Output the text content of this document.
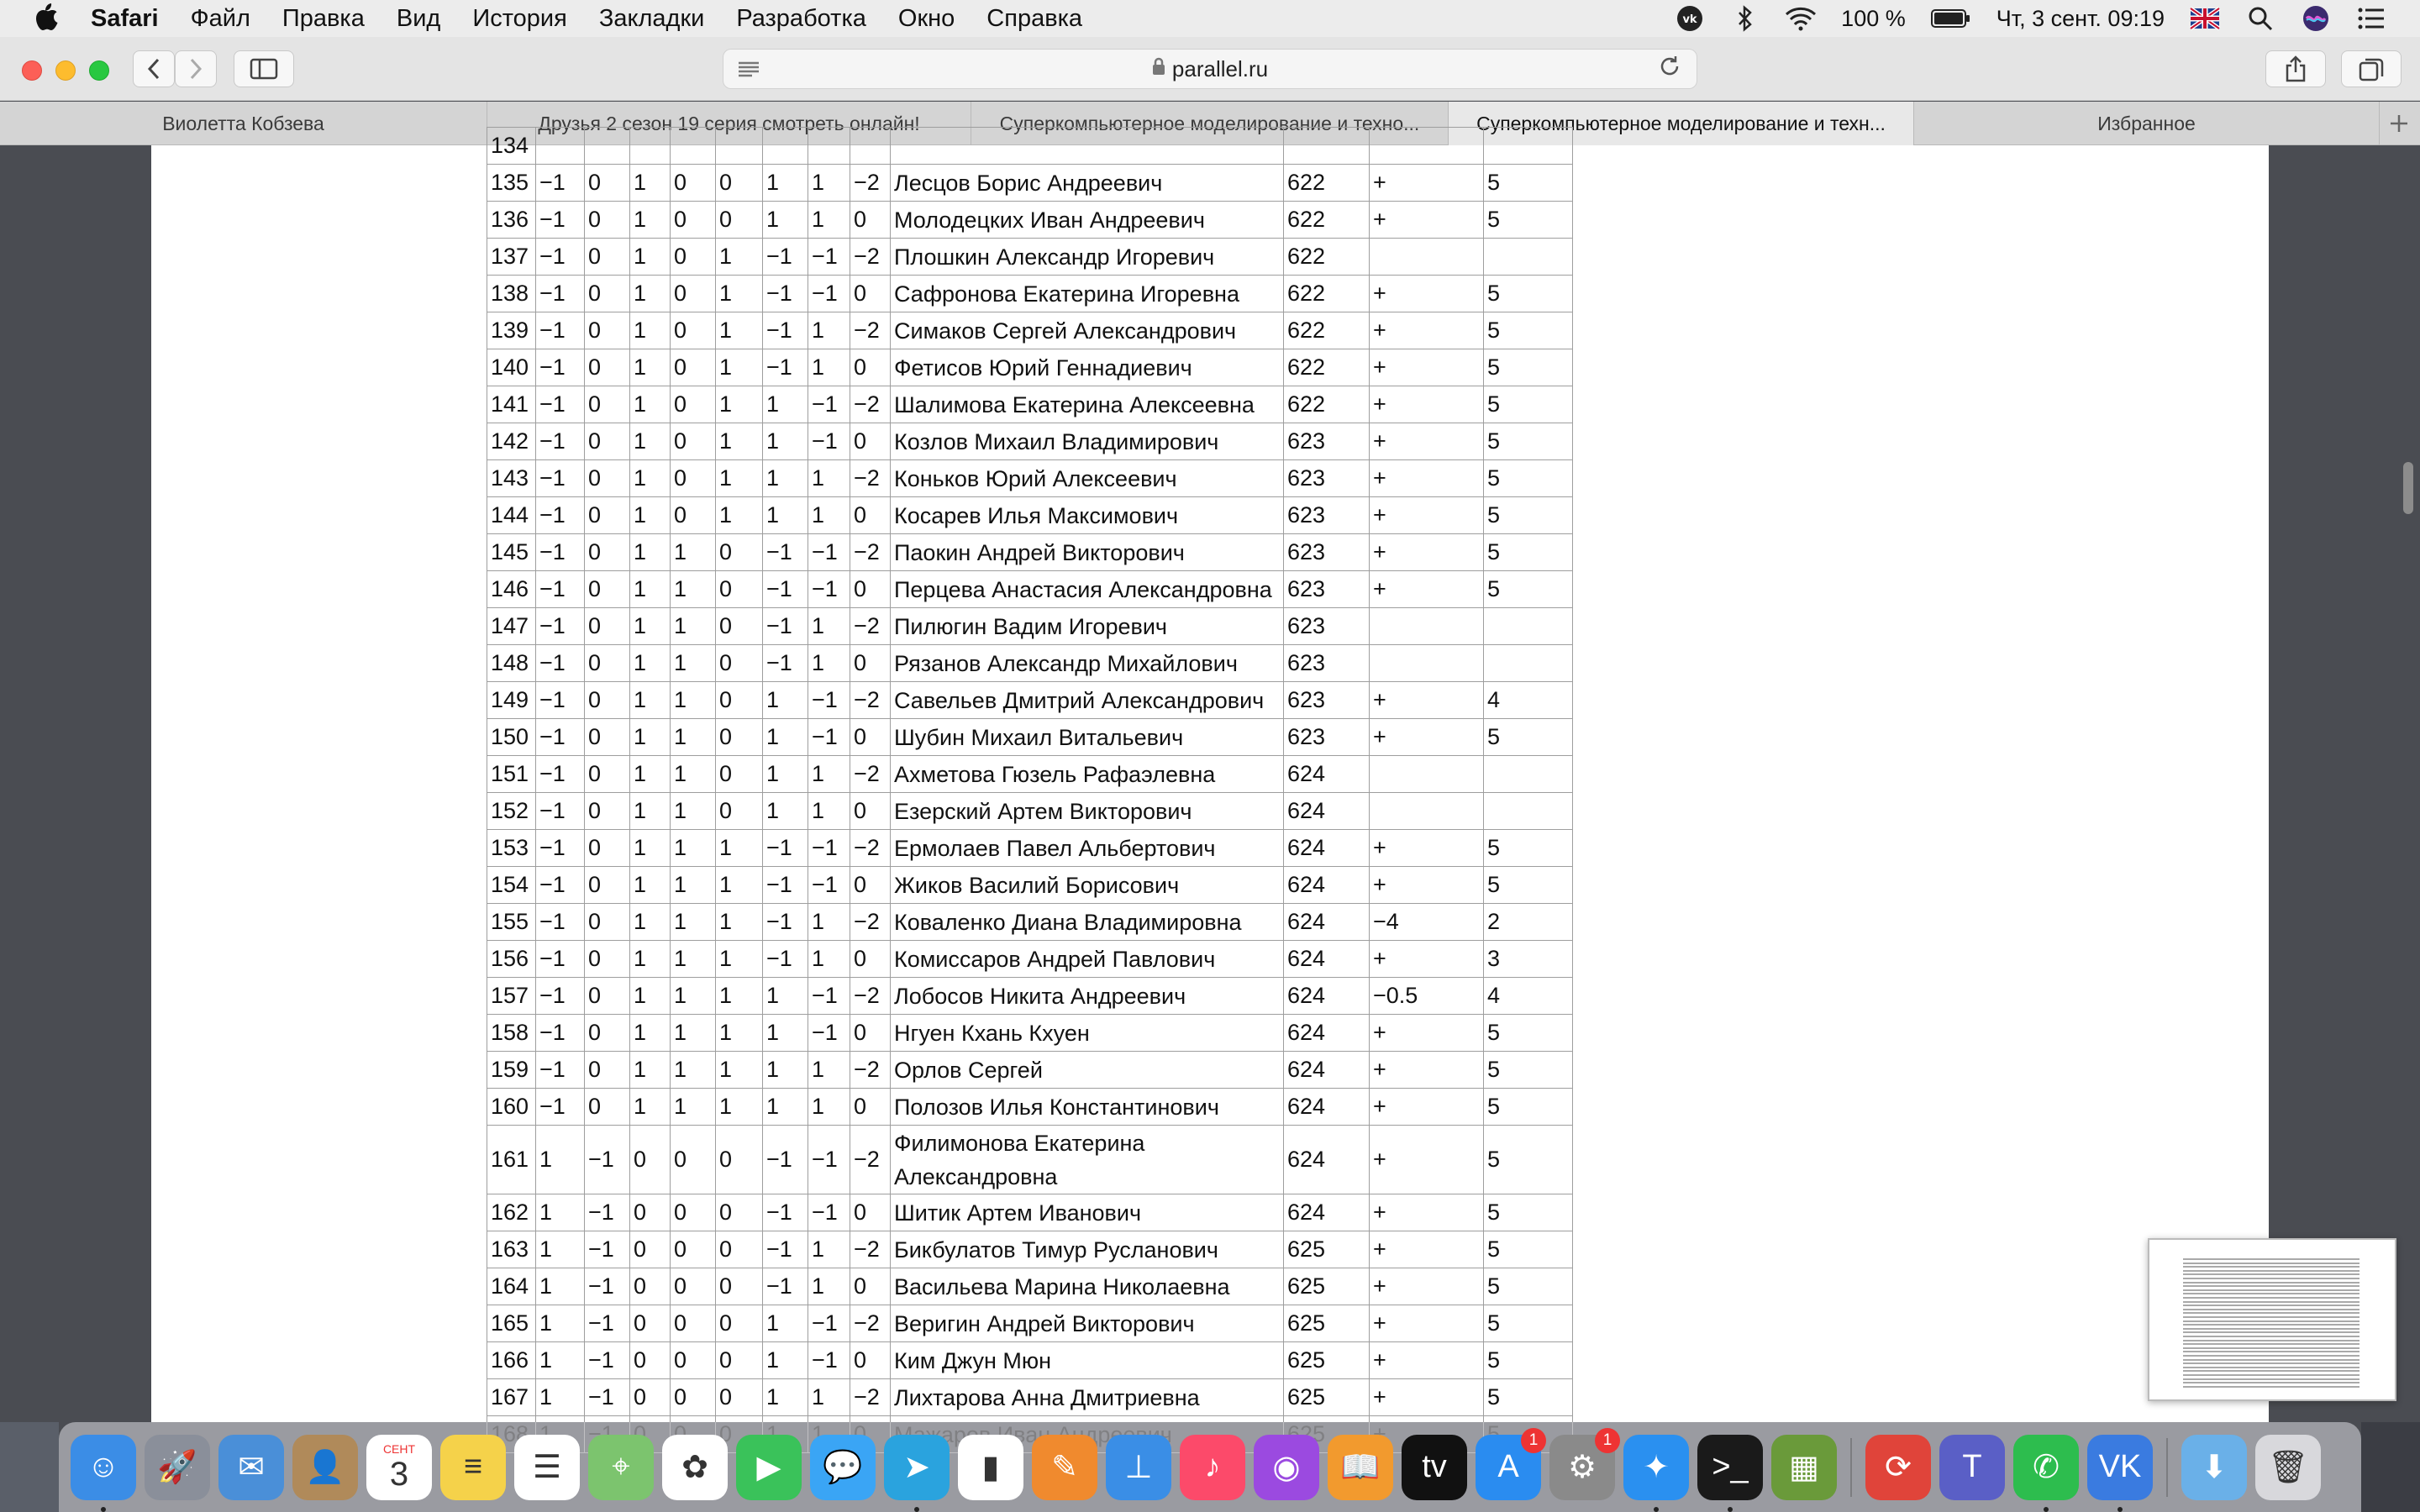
Safari Файл Правка Вид История Закладки Разработка Окно Справка	vk	100 %	Чт, 3 сент. 09:19
parallel.ru
Виолетта Кобзева	Друзья 2 сезон 19 серия смотреть онлайн!	Суперкомпьютерное моделирование и техно...	Суперкомпьютерное моделирование и техн...	Избранное
134												
135	−1	0	1	0	0	1	1	−2	Лесцов Борис Андреевич	622	+	5
136	−1	0	1	0	0	1	1	0	Молодецких Иван Андреевич	622	+	5
137	−1	0	1	0	1	−1	−1	−2	Плошкин Александр Игоревич	622		
138	−1	0	1	0	1	−1	−1	0	Сафронова Екатерина Игоревна	622	+	5
139	−1	0	1	0	1	−1	1	−2	Симаков Сергей Александрович	622	+	5
140	−1	0	1	0	1	−1	1	0	Фетисов Юрий Геннадиевич	622	+	5
141	−1	0	1	0	1	1	−1	−2	Шалимова Екатерина Алексеевна	622	+	5
142	−1	0	1	0	1	1	−1	0	Козлов Михаил Владимирович	623	+	5
143	−1	0	1	0	1	1	1	−2	Коньков Юрий Алексеевич	623	+	5
144	−1	0	1	0	1	1	1	0	Косарев Илья Максимович	623	+	5
145	−1	0	1	1	0	−1	−1	−2	Паокин Андрей Викторович	623	+	5
146	−1	0	1	1	0	−1	−1	0	Перцева Анастасия Александровна	623	+	5
147	−1	0	1	1	0	−1	1	−2	Пилюгин Вадим Игоревич	623		
148	−1	0	1	1	0	−1	1	0	Рязанов Александр Михайлович	623		
149	−1	0	1	1	0	1	−1	−2	Савельев Дмитрий Александрович	623	+	4
150	−1	0	1	1	0	1	−1	0	Шубин Михаил Витальевич	623	+	5
151	−1	0	1	1	0	1	1	−2	Ахметова Гюзель Рафаэлевна	624		
152	−1	0	1	1	0	1	1	0	Езерский Артем Викторович	624		
153	−1	0	1	1	1	−1	−1	−2	Ермолаев Павел Альбертович	624	+	5
154	−1	0	1	1	1	−1	−1	0	Жиков Василий Борисович	624	+	5
155	−1	0	1	1	1	−1	1	−2	Коваленко Диана Владимировна	624	−4	2
156	−1	0	1	1	1	−1	1	0	Комиссаров Андрей Павлович	624	+	3
157	−1	0	1	1	1	1	−1	−2	Лобосов Никита Андреевич	624	−0.5	4
158	−1	0	1	1	1	1	−1	0	Нгуен Кхань Кхуен	624	+	5
159	−1	0	1	1	1	1	1	−2	Орлов Сергей	624	+	5
160	−1	0	1	1	1	1	1	0	Полозов Илья Константинович	624	+	5
161	1	−1	0	0	0	−1	−1	−2	Филимонова Екатерина Александровна	624	+	5
162	1	−1	0	0	0	−1	−1	0	Шитик Артем Иванович	624	+	5
163	1	−1	0	0	0	−1	1	−2	Бикбулатов Тимур Русланович	625	+	5
164	1	−1	0	0	0	−1	1	0	Васильева Марина Николаевна	625	+	5
165	1	−1	0	0	0	1	−1	−2	Веригин Андрей Викторович	625	+	5
166	1	−1	0	0	0	1	−1	0	Ким Джун Мюн	625	+	5
167	1	−1	0	0	0	1	1	−2	Лихтарова Анна Дмитриевна	625	+	5

☺ 🚀 ✉ 👤
СЕНТ
3 ≡ ☰ ⌖ ✿ ▶ 💬 ➤ ▮ ✎ ⊥ ♪ ◉ 📖 tv A
1
⚙
1
✦ >_ ▦ ⟳ T ✆ VK ⬇ 🗑
